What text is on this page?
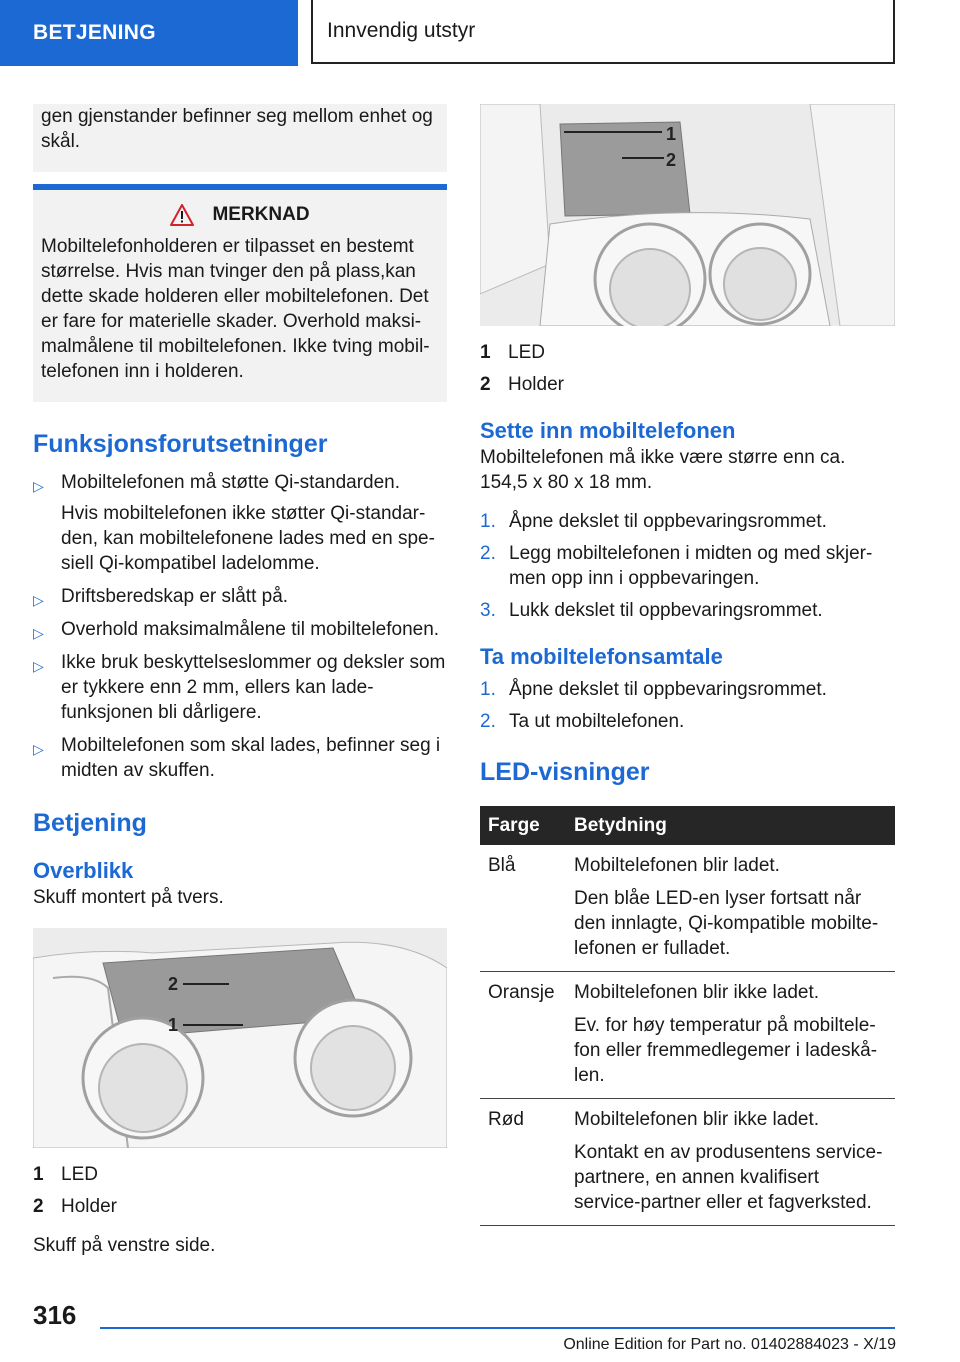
BETJENING	Innvendig utstyr

gen gjenstander befinner seg mellom enhet og skål.

MERKNAD

Mobiltelefonholderen er tilpasset en bestemt størrelse. Hvis man tvinger den på plass,kan dette skade holderen eller mobiltelefonen. Det er fare for materielle skader. Overhold maksi-malmålene til mobiltelefonen. Ikke tving mobil-telefonen inn i holderen.

Funksjonsforutsetninger
▷ Mobiltelefonen må støtte Qi-standarden.
Hvis mobiltelefonen ikke støtter Qi-standar-den, kan mobiltelefonene lades med en spe-siell Qi-kompatibel ladelomme.
▷ Driftsberedskap er slått på.
▷ Overhold maksimalmålene til mobiltelefonen.
▷ Ikke bruk beskyttelseslommer og deksler som er tykkere enn 2 mm, ellers kan lade-funksjonen bli dårligere.
▷ Mobiltelefonen som skal lades, befinner seg i midten av skuffen.
Betjening
Overblikk

Skuff montert på tvers.

2
1
1 LED
2 Holder

Skuff på venstre side.

1
2
1 LED
2 Holder
Sette inn mobiltelefonen

Mobiltelefonen må ikke være større enn ca. 154,5 x 80 x 18 mm.

1. Åpne dekslet til oppbevaringsrommet.
2. Legg mobiltelefonen i midten og med skjer-men opp inn i oppbevaringen.
3. Lukk dekslet til oppbevaringsrommet.
Ta mobiltelefonsamtale
1. Åpne dekslet til oppbevaringsrommet.
2. Ta ut mobiltelefonen.
LED-visninger
Farge	Betydning
Blå	Mobiltelefonen blir ladet.
Den blåe LED-en lyser fortsatt når den innlagte, Qi-kompatible mobilte-lefonen er fulladet.

Oransje	Mobiltelefonen blir ikke ladet.
Ev. for høy temperatur på mobiltele-fon eller fremmedlegemer i ladeskå-len.

Rød	Mobiltelefonen blir ikke ladet.
Kontakt en av produsentens service-partnere, en annen kvalifisert service-partner eller et fagverksted.
316
Online Edition for Part no. 01402884023 - X/19
